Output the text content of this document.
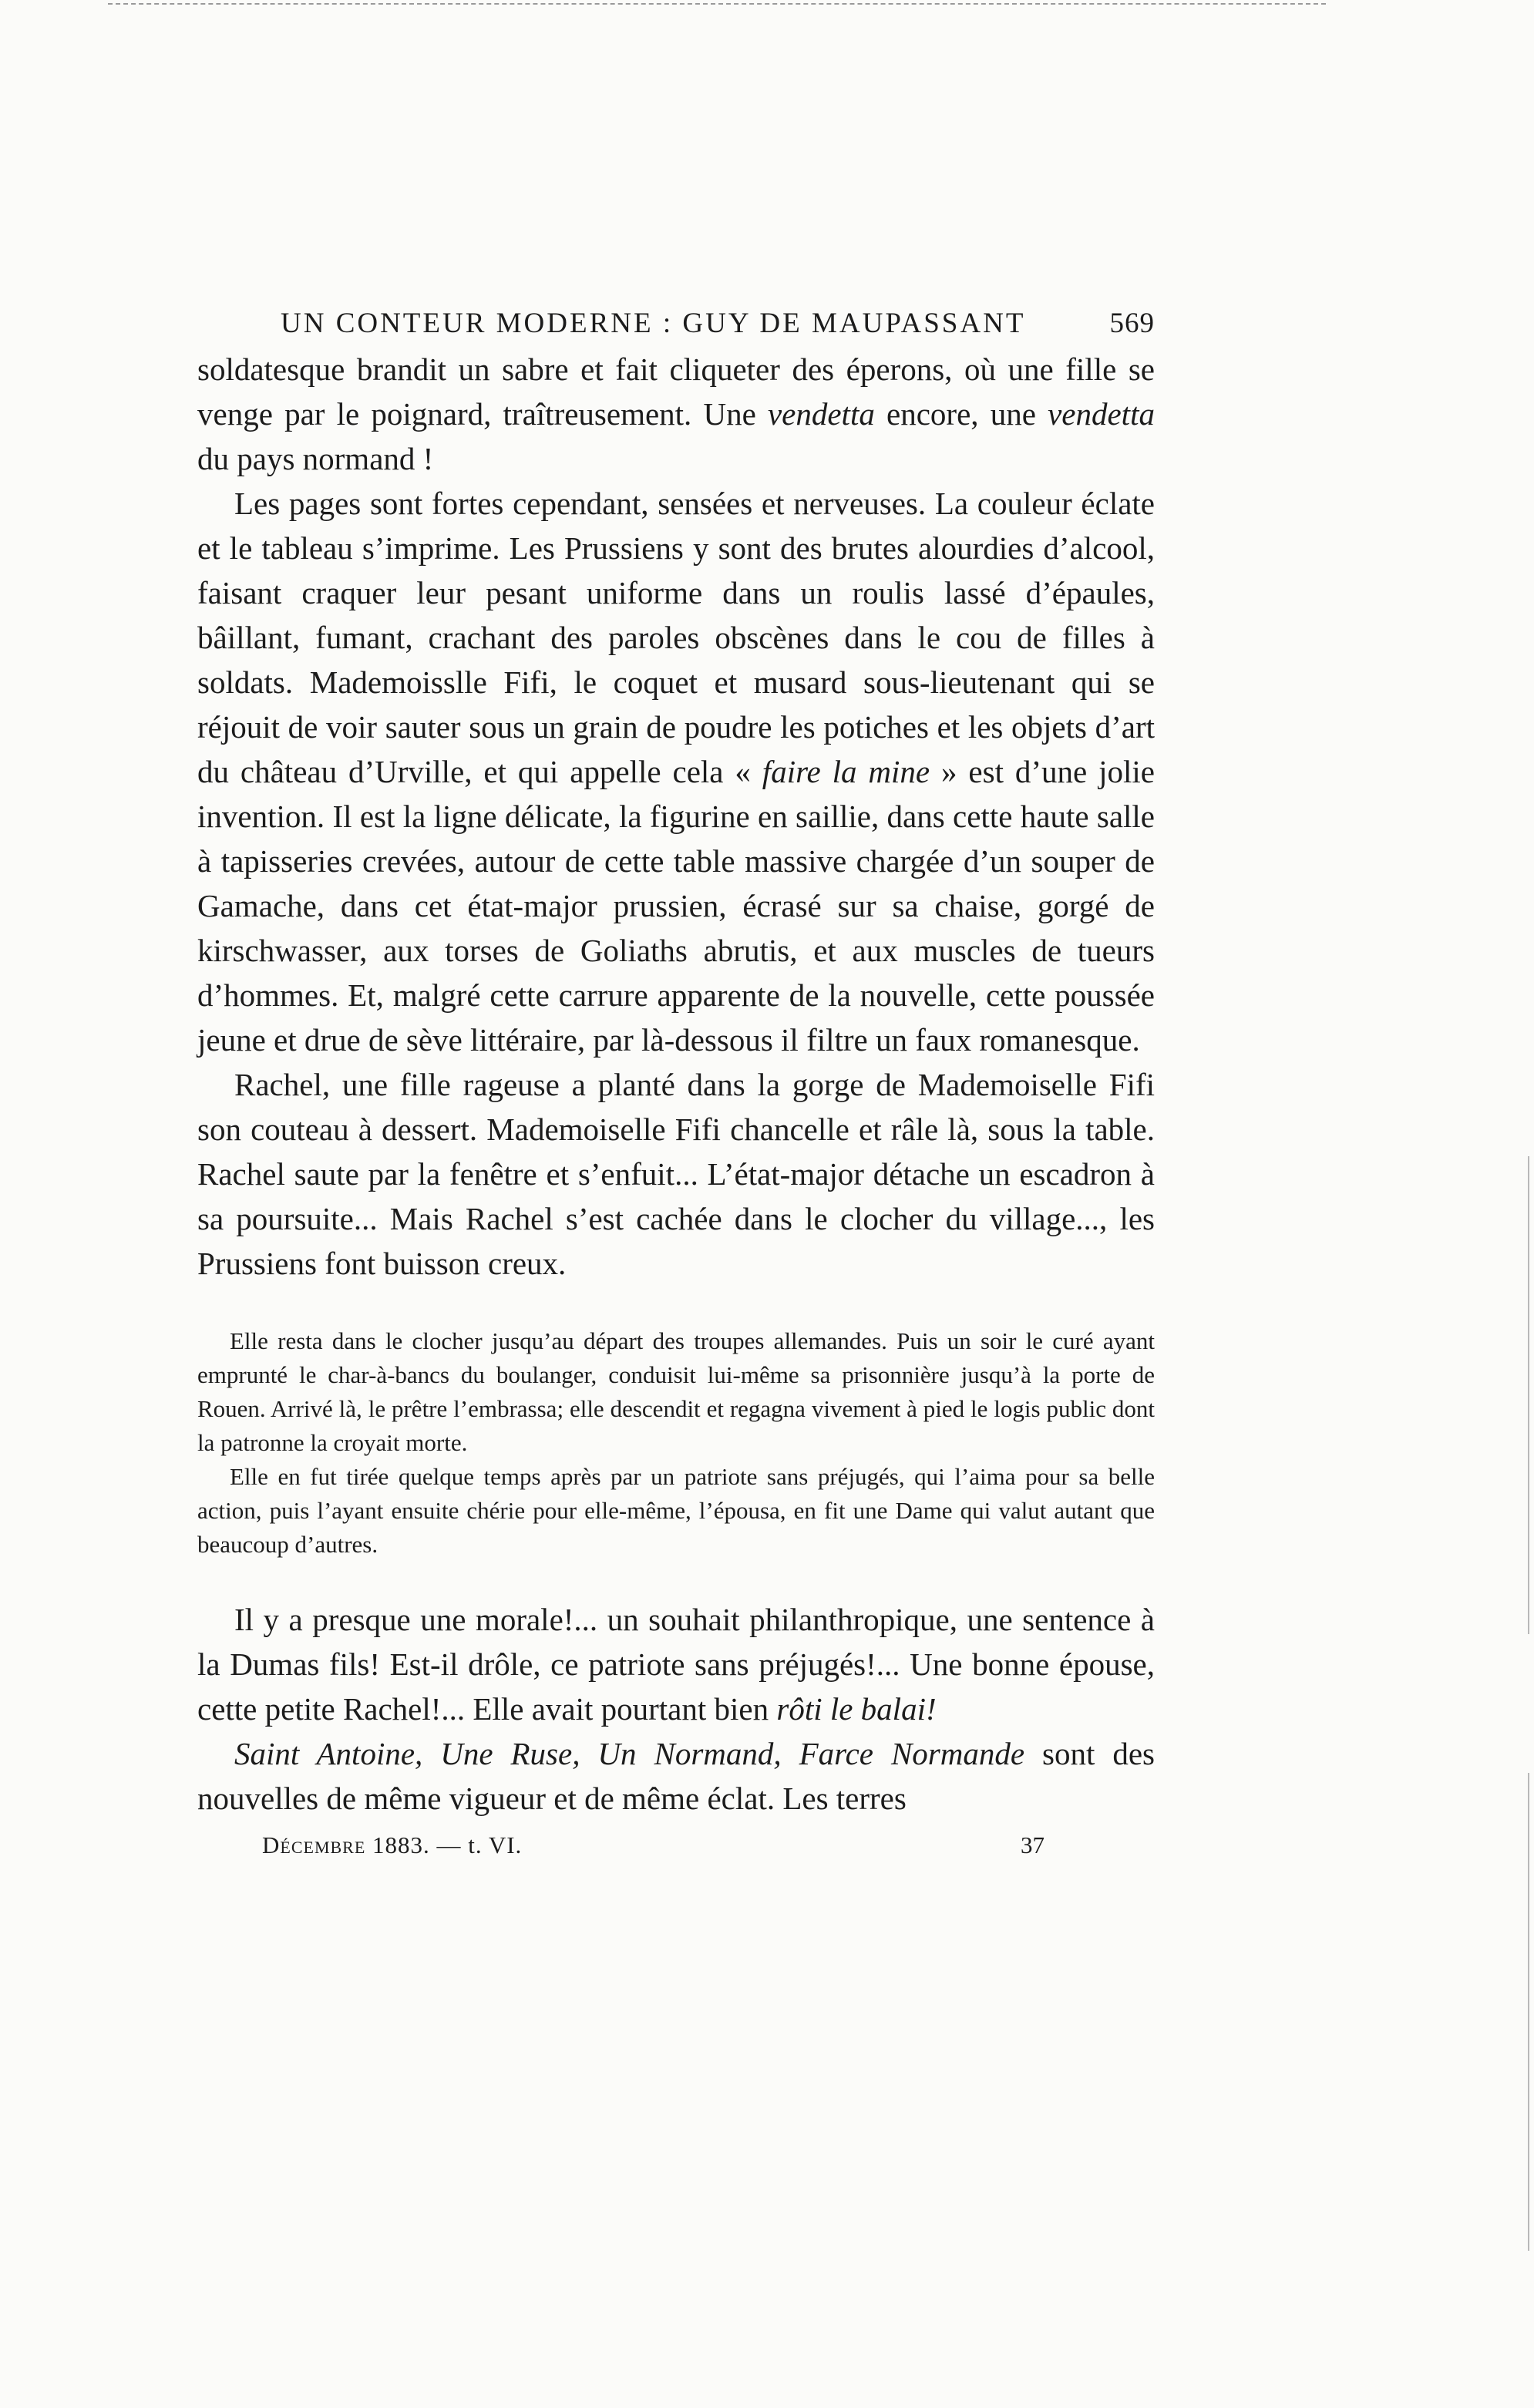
UN CONTEUR MODERNE : GUY DE MAUPASSANT	569

soldatesque brandit un sabre et fait cliqueter des éperons, où une fille se venge par le poignard, traîtreusement. Une vendetta encore, une vendetta du pays normand !

Les pages sont fortes cependant, sensées et nerveuses. La couleur éclate et le tableau s’imprime. Les Prussiens y sont des brutes alourdies d’alcool, faisant craquer leur pesant uniforme dans un roulis lassé d’épaules, bâillant, fumant, crachant des paroles obscènes dans le cou de filles à soldats. Mademoisslle Fifi, le coquet et musard sous-lieutenant qui se réjouit de voir sauter sous un grain de poudre les potiches et les objets d’art du château d’Urville, et qui appelle cela « faire la mine » est d’une jolie invention. Il est la ligne délicate, la figurine en saillie, dans cette haute salle à tapisseries crevées, autour de cette table massive chargée d’un souper de Gamache, dans cet état-major prussien, écrasé sur sa chaise, gorgé de kirschwasser, aux torses de Goliaths abrutis, et aux muscles de tueurs d’hommes. Et, malgré cette carrure apparente de la nouvelle, cette poussée jeune et drue de sève littéraire, par là-dessous il filtre un faux romanesque.

Rachel, une fille rageuse a planté dans la gorge de Mademoiselle Fifi son couteau à dessert. Mademoiselle Fifi chancelle et râle là, sous la table. Rachel saute par la fenêtre et s’enfuit... L’état-major détache un escadron à sa poursuite... Mais Rachel s’est cachée dans le clocher du village..., les Prussiens font buisson creux.

Elle resta dans le clocher jusqu’au départ des troupes allemandes. Puis un soir le curé ayant emprunté le char-à-bancs du boulanger, conduisit lui-même sa prisonnière jusqu’à la porte de Rouen. Arrivé là, le prêtre l’embrassa; elle descendit et regagna vivement à pied le logis public dont la patronne la croyait morte.

Elle en fut tirée quelque temps après par un patriote sans préjugés, qui l’aima pour sa belle action, puis l’ayant ensuite chérie pour elle-même, l’épousa, en fit une Dame qui valut autant que beaucoup d’autres.

Il y a presque une morale!... un souhait philanthropique, une sentence à la Dumas fils! Est-il drôle, ce patriote sans préjugés!... Une bonne épouse, cette petite Rachel!... Elle avait pourtant bien rôti le balai!

Saint Antoine, Une Ruse, Un Normand, Farce Normande sont des nouvelles de même vigueur et de même éclat. Les terres

Décembre 1883. — t. VI.	37
